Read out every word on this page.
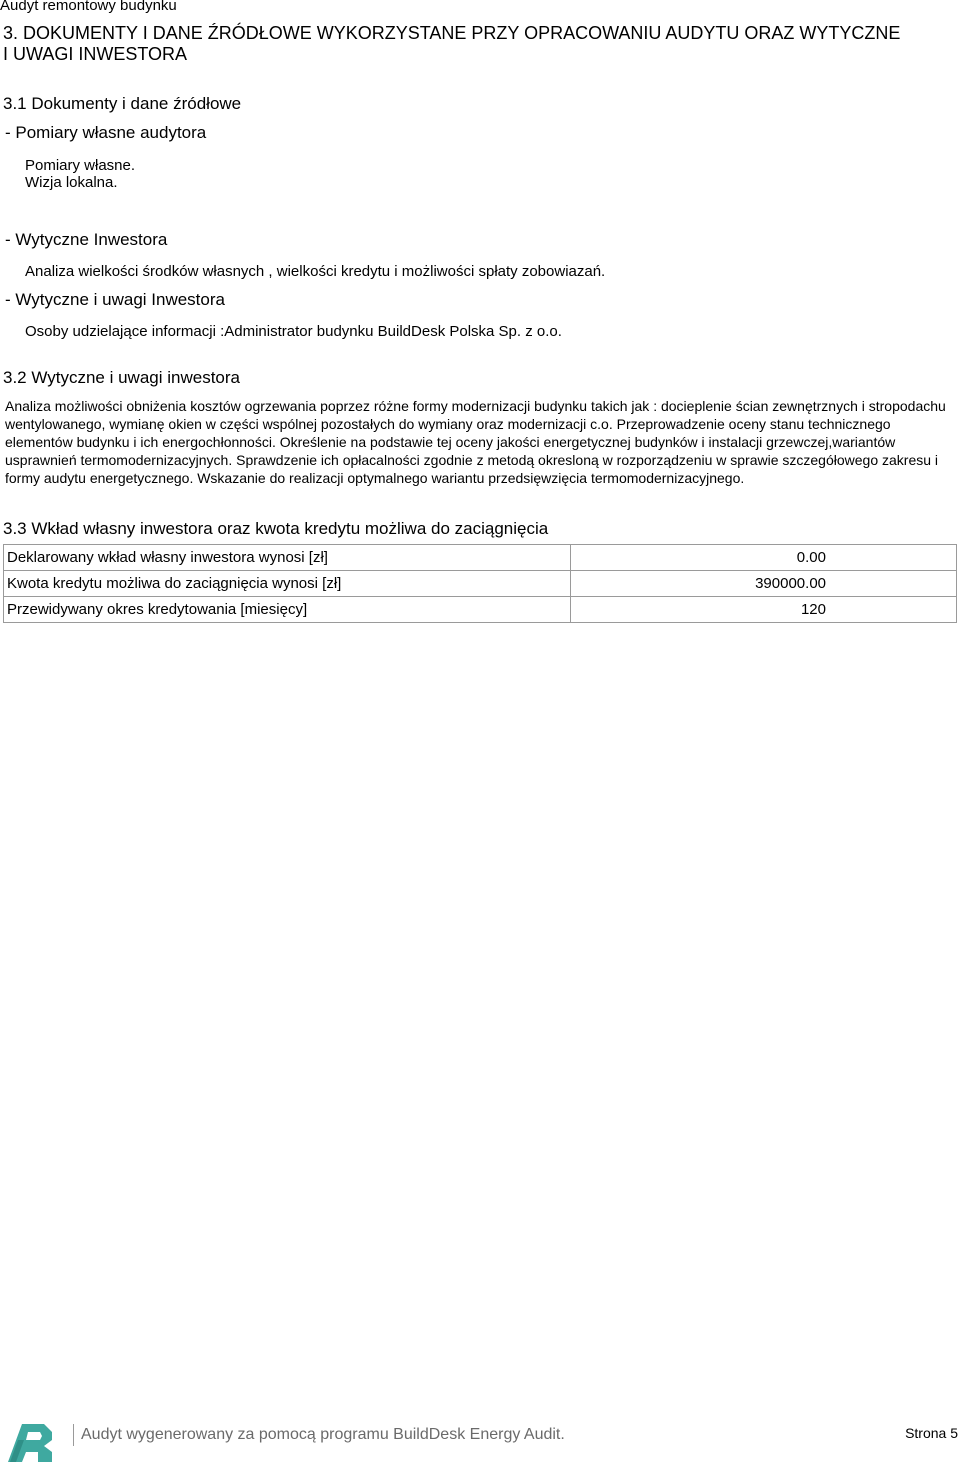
Audyt remontowy budynku
3. DOKUMENTY I DANE ŹRÓDŁOWE WYKORZYSTANE PRZY OPRACOWANIU AUDYTU ORAZ WYTYCZNE I UWAGI INWESTORA
3.1 Dokumenty i dane źródłowe
- Pomiary własne audytora
Pomiary własne.
Wizja lokalna.
- Wytyczne Inwestora
Analiza wielkości środków własnych , wielkości kredytu i możliwości spłaty zobowiazań.
- Wytyczne i uwagi Inwestora
Osoby udzielające informacji :Administrator budynku BuildDesk Polska Sp. z o.o.
3.2 Wytyczne i uwagi inwestora
Analiza możliwości obniżenia kosztów ogrzewania poprzez różne formy modernizacji budynku takich jak : docieplenie ścian zewnętrznych i stropodachu wentylowanego, wymianę okien w części wspólnej pozostałych do wymiany oraz modernizacji c.o. Przeprowadzenie oceny stanu technicznego elementów budynku i ich energochłonności. Określenie na podstawie tej oceny jakości energetycznej budynków i instalacji grzewczej,wariantów usprawnień termomodernizacyjnych. Sprawdzenie ich opłacalności zgodnie z metodą okresloną w rozporządzeniu w sprawie szczegółowego zakresu i formy audytu energetycznego. Wskazanie do realizacji optymalnego wariantu przedsięwzięcia termomodernizacyjnego.
3.3 Wkład własny inwestora oraz kwota kredytu możliwa do zaciągnięcia
Deklarowany wkład własny inwestora wynosi [zł]	0.00
Kwota kredytu możliwa do zaciągnięcia wynosi [zł]	390000.00
Przewidywany okres kredytowania [miesięcy]	120
Audyt wygenerowany za pomocą programu BuildDesk Energy Audit.	Strona 5
